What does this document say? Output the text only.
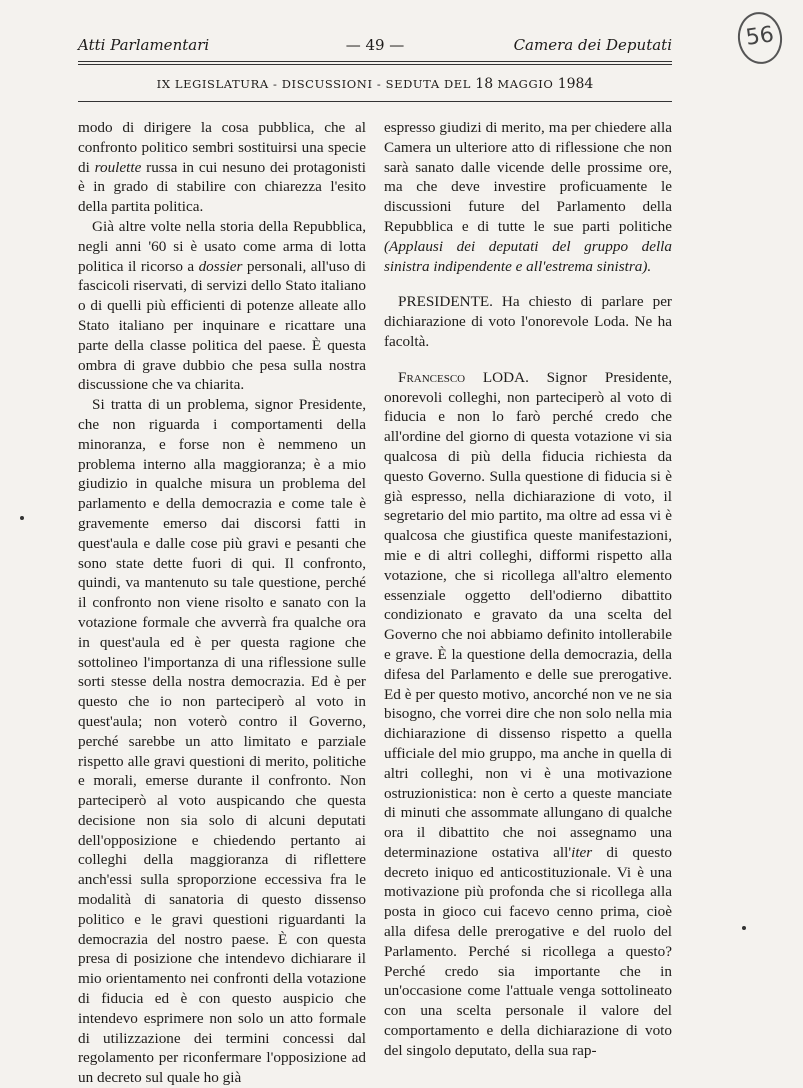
Atti Parlamentari	— 49 —	Camera dei Deputati	56
IX LEGISLATURA - DISCUSSIONI - SEDUTA DEL 18 MAGGIO 1984

modo di dirigere la cosa pubblica, che al confronto politico sembri sostituirsi una specie di roulette russa in cui nesuno dei protagonisti è in grado di stabilire con chiarezza l'esito della partita politica.

Già altre volte nella storia della Repubblica, negli anni '60 si è usato come arma di lotta politica il ricorso a dossier personali, all'uso di fascicoli riservati, di servizi dello Stato italiano o di quelli più efficienti di potenze alleate allo Stato italiano per inquinare e ricattare una parte della classe politica del paese. È questa ombra di grave dubbio che pesa sulla nostra discussione che va chiarita.

Si tratta di un problema, signor Presidente, che non riguarda i comportamenti della minoranza, e forse non è nemmeno un problema interno alla maggioranza; è a mio giudizio in qualche misura un problema del parlamento e della democrazia e come tale è gravemente emerso dai discorsi fatti in quest'aula e dalle cose più gravi e pesanti che sono state dette fuori di qui. Il confronto, quindi, va mantenuto su tale questione, perché il confronto non viene risolto e sanato con la votazione formale che avverrà fra qualche ora in quest'aula ed è per questa ragione che sottolineo l'importanza di una riflessione sulle sorti stesse della nostra democrazia. Ed è per questo che io non parteciperò al voto in quest'aula; non voterò contro il Governo, perché sarebbe un atto limitato e parziale rispetto alle gravi questioni di merito, politiche e morali, emerse durante il confronto. Non parteciperò al voto auspicando che questa decisione non sia solo di alcuni deputati dell'opposizione e chiedendo pertanto ai colleghi della maggioranza di riflettere anch'essi sulla sproporzione eccessiva fra le modalità di sanatoria di questo dissenso politico e le gravi questioni riguardanti la democrazia del nostro paese. È con questa presa di posizione che intendevo dichiarare il mio orientamento nei confronti della votazione di fiducia ed è con questo auspicio che intendevo esprimere non solo un atto formale di utilizzazione dei termini concessi dal regolamento per riconfermare l'opposizione ad un decreto sul quale ho già

espresso giudizi di merito, ma per chiedere alla Camera un ulteriore atto di riflessione che non sarà sanato dalle vicende delle prossime ore, ma che deve investire proficuamente le discussioni future del Parlamento della Repubblica e di tutte le sue parti politiche (Applausi dei deputati del gruppo della sinistra indipendente e all'estrema sinistra).

PRESIDENTE. Ha chiesto di parlare per dichiarazione di voto l'onorevole Loda. Ne ha facoltà.

Francesco LODA. Signor Presidente, onorevoli colleghi, non parteciperò al voto di fiducia e non lo farò perché credo che all'ordine del giorno di questa votazione vi sia qualcosa di più della fiducia richiesta da questo Governo. Sulla questione di fiducia si è già espresso, nella dichiarazione di voto, il segretario del mio partito, ma oltre ad essa vi è qualcosa che giustifica queste manifestazioni, mie e di altri colleghi, difformi rispetto alla votazione, che si ricollega all'altro elemento essenziale oggetto dell'odierno dibattito condizionato e gravato da una scelta del Governo che noi abbiamo definito intollerabile e grave. È la questione della democrazia, della difesa del Parlamento e delle sue prerogative. Ed è per questo motivo, ancorché non ve ne sia bisogno, che vorrei dire che non solo nella mia dichiarazione di dissenso rispetto a quella ufficiale del mio gruppo, ma anche in quella di altri colleghi, non vi è una motivazione ostruzionistica: non è certo a queste manciate di minuti che assommate allungano di qualche ora il dibattito che noi assegnamo una determinazione ostativa all'iter di questo decreto iniquo ed anticostituzionale. Vi è una motivazione più profonda che si ricollega alla posta in gioco cui facevo cenno prima, cioè alla difesa delle prerogative e del ruolo del Parlamento. Perché si ricollega a questo? Perché credo sia importante che in un'occasione come l'attuale venga sottolineato con una scelta personale il valore del comportamento e della dichiarazione di voto del singolo deputato, della sua rap-
